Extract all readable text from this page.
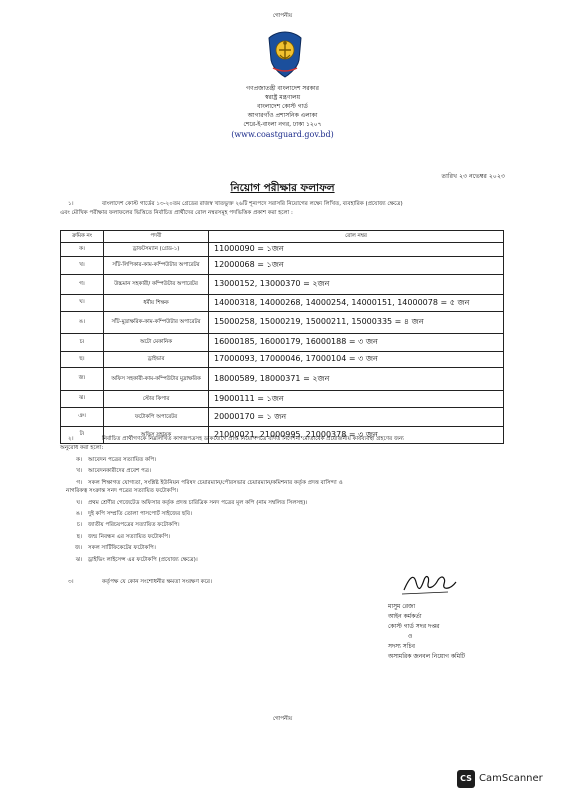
গোপনীয়
গণপ্রজাতন্ত্রী বাংলাদেশ সরকার
স্বরাষ্ট্র মন্ত্রণালয়
বাংলাদেশ কোস্ট গার্ড
আগারগাঁও প্রশাসনিক এলাকা
শেরে-ই-বাংলা নগর, ঢাকা ১২০৭
(www.coastguard.gov.bd)
তারিখ ২৩ নভেম্বর ২০২৩
নিয়োগ পরীক্ষার ফলাফল
১।	বাংলাদেশ কোস্ট গার্ডের ১৩-২০তম গ্রেডের রাজস্ব খাতভুক্ত ২৬টি শূন্যপদে সরাসরি নিয়োগের লক্ষ্যে লিখিত, ব্যবহারিক (প্রযোজ্য ক্ষেত্রে)
এবং মৌখিক পরীক্ষার ফলাফলের ভিত্তিতে নির্বাচিত প্রার্থীদের রোল নম্বরসমূহ পদভিত্তিক প্রকাশ করা হলো :
ক্রমিক নং	পদবী	রোল নম্বর
ক।	ড্রাফটসম্যান (গ্রেড-১)	11000090 = ১জন
খ।	সাঁট-লিপিকার-কাম-কম্পিউটার অপারেটর	12000068 = ১জন
গ।	উচ্চমান সহকারী/ কম্পিউটার অপারেটর	13000152, 13000370 = ২জন
ঘ।	ধর্মীয় শিক্ষক	14000318, 14000268, 14000254, 14000151, 14000078 = ৫ জন
ঙ।	সাঁট-মুদ্রাক্ষরিক-কাম-কম্পিউটার অপারেটর	15000258, 15000219, 15000211, 15000335 = ৪ জন
চ।	অটো মেকানিক	16000185, 16000179, 16000188 = ৩ জন
ছ।	ড্রাইভার	17000093, 17000046, 17000104 = ৩ জন
জ।	অফিস সহকারী-কাম-কম্পিউটার মুদ্রাক্ষরিক	18000589, 18000371 = ২জন
ঝ।	স্টোর কিপার	19000111 = ১জন
ঞ।	ফটোকপি অপারেটর	20000170 = ১ জন
ট।	অফিস সহায়ক	21000021, 21000995, 21000378 = ৩ জন
২।	নির্বাচিত প্রার্থীগণকে নিম্নলিখিত কাগজপত্রসহ ডাকযোগে প্রাপ্ত নিয়োগপত্রে বর্ণিত নির্দেশনা মোতাবেক প্রয়োজনীয় কার্যব্যবস্থা গ্রহণের জন্য
অনুরোধ করা হলো:
ক। আবেদন পত্রের সত্যায়িত কপি।
খ। আবেদনকারীদের প্রবেশ পত্র।
গ। সকল শিক্ষাগত যোগ্যতা, সংশ্লিষ্ট ইউনিয়ন পরিষদ চেয়ারম্যান/পৌরসভার চেয়ারম্যান/কমিশনার কর্তৃক প্রদত্ত বাসিন্দা ও
নাগরিকত্ব সংক্রান্ত সনদ পত্রের সত্যায়িত ফটোকপি।
ঘ। প্রথম শ্রেণীর গেজেটেড অফিসার কর্তৃক প্রদত্ত চারিত্রিক সনদ পত্রের মূল কপি (নাম সম্বলিত সিলসহ)।
ঙ। দুই কপি সম্প্রতি তোলা পাসপোর্ট সাইজের ছবি।
চ। জাতীয় পরিচয়পত্রের সত্যায়িত ফটোকপি।
ছ। জন্ম নিবন্ধন এর সত্যায়িত ফটোকপি।
জ। সকল সার্টিফিকেটের ফটোকপি।
ঝ। ড্রাইভিং লাইসেন্স এর ফটোকপি (প্রযোজ্য ক্ষেত্রে)।
৩।	কর্তৃপক্ষ যে কোন সংশোধনীর ক্ষমতা সংরক্ষণ করে।
মাসুম রেজা
আইন কর্মকর্তা
কোস্ট গার্ড সদর দপ্তর
ও
সদস্য সচিব
অসামরিক জনবল নিয়োগ কমিটি
গোপনীয়
CS CamScanner
